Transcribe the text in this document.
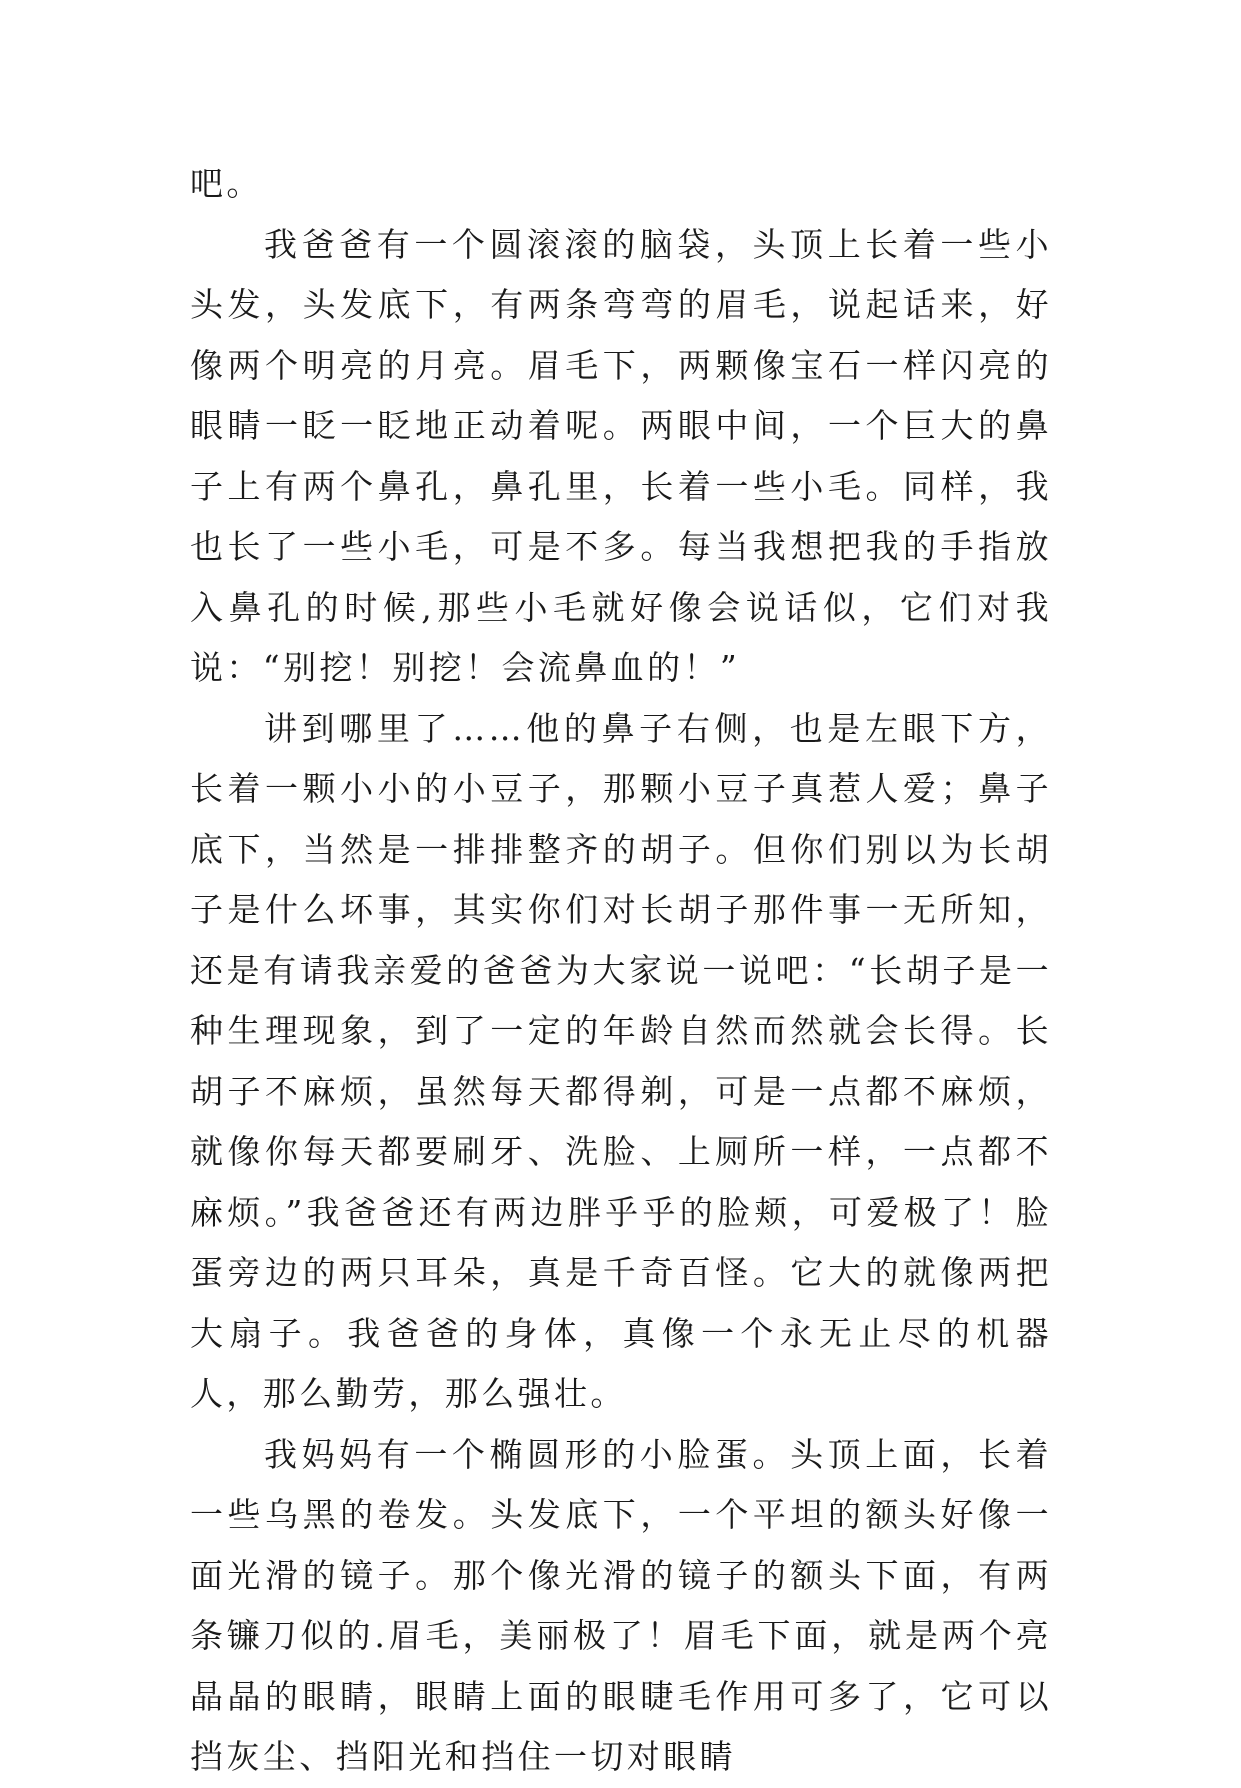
吧。

我爸爸有一个圆滚滚的脑袋，头顶上长着一些小头发，头发底下，有两条弯弯的眉毛，说起话来，好像两个明亮的月亮。眉毛下，两颗像宝石一样闪亮的眼睛一眨一眨地正动着呢。两眼中间，一个巨大的鼻子上有两个鼻孔，鼻孔里，长着一些小毛。同样，我也长了一些小毛，可是不多。每当我想把我的手指放入鼻孔的时候,那些小毛就好像会说话似，它们对我说：“别挖！别挖！会流鼻血的！”

讲到哪里了……他的鼻子右侧，也是左眼下方，长着一颗小小的小豆子，那颗小豆子真惹人爱；鼻子底下，当然是一排排整齐的胡子。但你们别以为长胡子是什么坏事，其实你们对长胡子那件事一无所知，还是有请我亲爱的爸爸为大家说一说吧：“长胡子是一种生理现象，到了一定的年龄自然而然就会长得。长胡子不麻烦，虽然每天都得剃，可是一点都不麻烦，就像你每天都要刷牙、洗脸、上厕所一样，一点都不麻烦。”我爸爸还有两边胖乎乎的脸颊，可爱极了！脸蛋旁边的两只耳朵，真是千奇百怪。它大的就像两把大扇子。我爸爸的身体，真像一个永无止尽的机器人，那么勤劳，那么强壮。

我妈妈有一个椭圆形的小脸蛋。头顶上面，长着一些乌黑的卷发。头发底下，一个平坦的额头好像一面光滑的镜子。那个像光滑的镜子的额头下面，有两条镰刀似的.眉毛，美丽极了！眉毛下面，就是两个亮晶晶的眼睛，眼睛上面的眼睫毛作用可多了，它可以挡灰尘、挡阳光和挡住一切对眼睛
